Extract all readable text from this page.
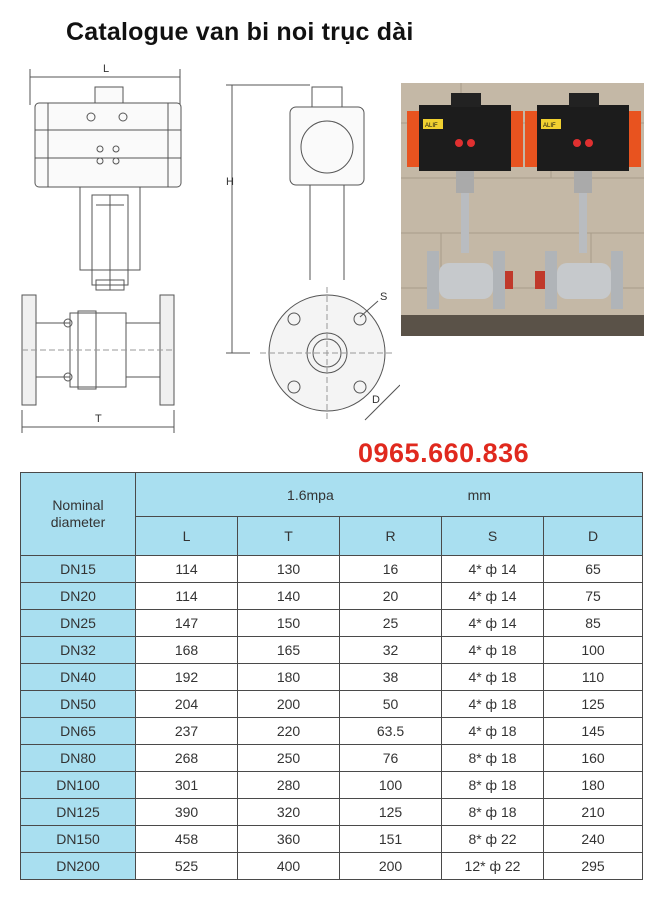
Catalogue van bi noi trục dài
L
T
H
S
D
ALIF	ALIF
0965.660.836
Nominal
diameter	1.6mpa mm				
	L	T	R	S	D
DN15	114	130	16	4* ф 14	65
DN20	114	140	20	4* ф 14	75
DN25	147	150	25	4* ф 14	85
DN32	168	165	32	4* ф 18	100
DN40	192	180	38	4* ф 18	110
DN50	204	200	50	4* ф 18	125
DN65	237	220	63.5	4* ф 18	145
DN80	268	250	76	8* ф 18	160
DN100	301	280	100	8* ф 18	180
DN125	390	320	125	8* ф 18	210
DN150	458	360	151	8* ф 22	240
DN200	525	400	200	12* ф 22	295
